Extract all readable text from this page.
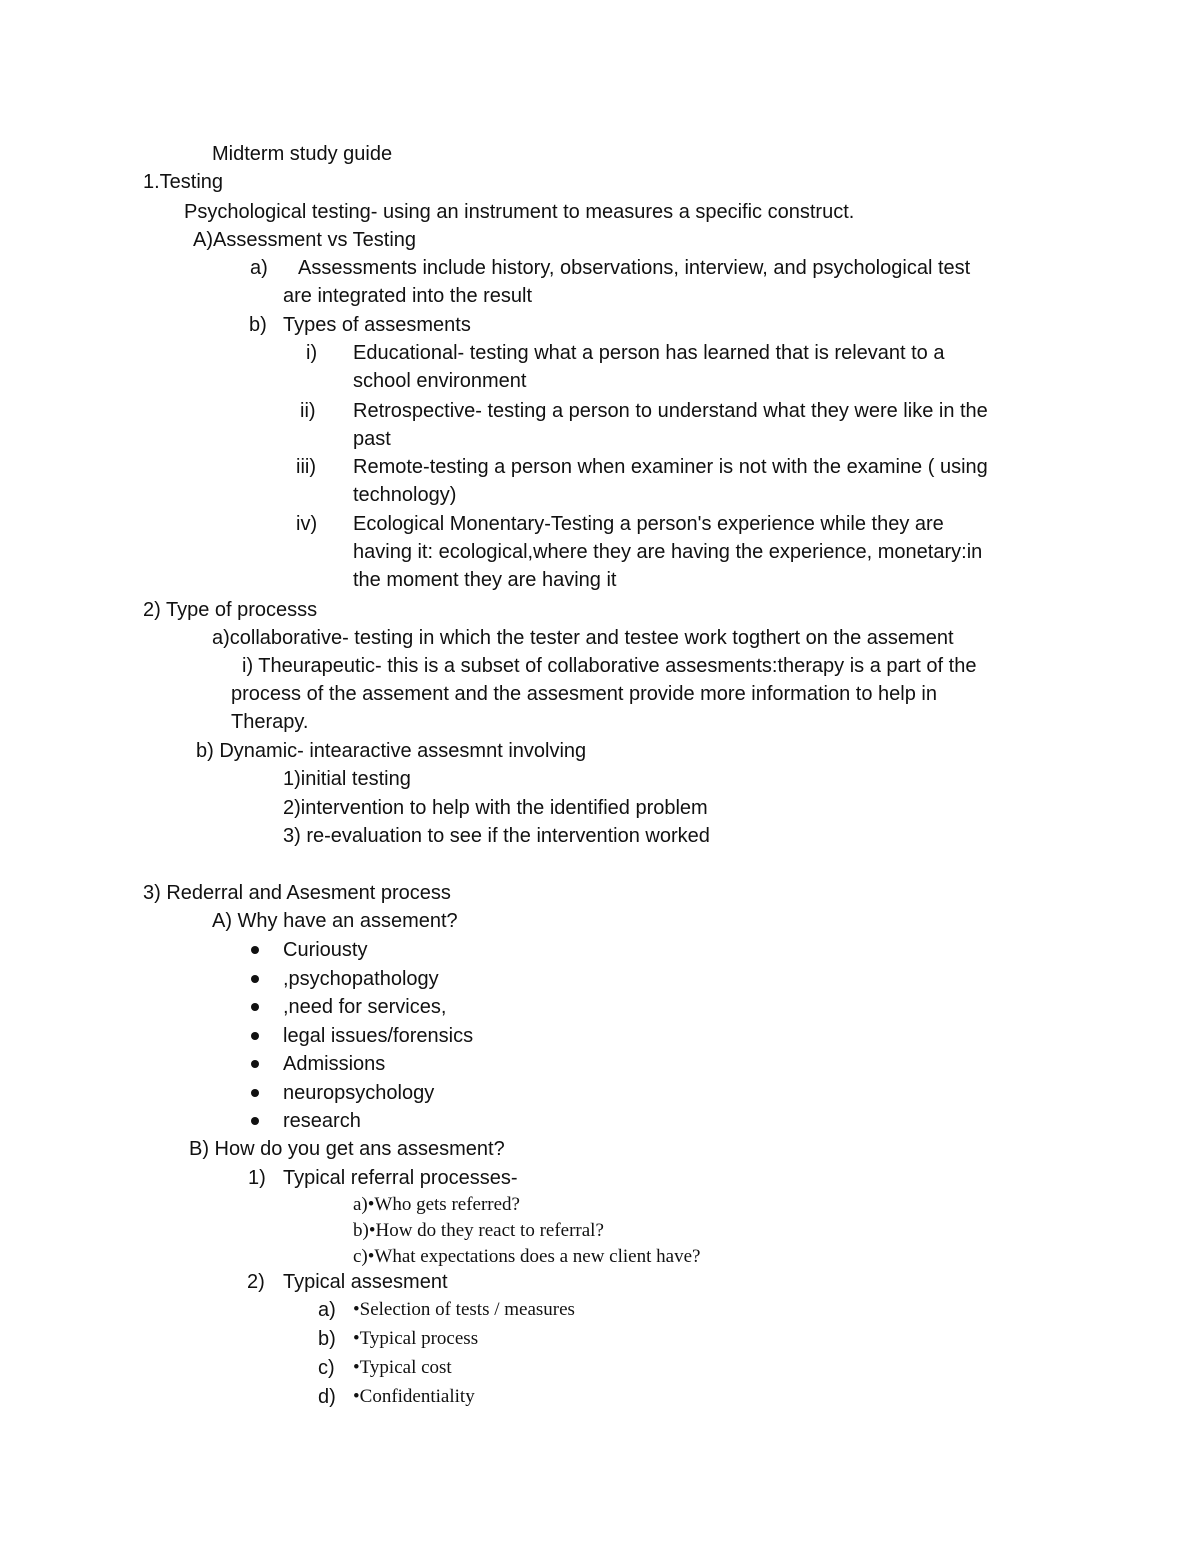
Midterm study guide
1.Testing
Psychological testing- using an instrument to measures a specific construct.
A)Assessment vs Testing
a) Assessments include history, observations, interview, and psychological test
are integrated into the result
b) Types of assesments
i) Educational- testing what a person has learned that is relevant to a
school environment
ii) Retrospective- testing a person to understand what they were like in the
past
iii) Remote-testing a person when examiner is not with the examine ( using
technology)
iv) Ecological Monentary-Testing a person's experience while they are
having it: ecological,where they are having the experience, monetary:in
the moment they are having it
2) Type of processs
a)collaborative- testing in which the tester and testee work togthert on the assement
i) Theurapeutic- this is a subset of collaborative assesments:therapy is a part of the
process of the assement and the assesment provide more information to help in
Therapy.
b) Dynamic- intearactive assesmnt involving
1)initial testing
2)intervention to help with the identified problem
3) re-evaluation to see if the intervention worked
3) Rederral and Asesment process
A) Why have an assement?
Curiousty
,psychopathology
,need for services,
legal issues/forensics
Admissions
neuropsychology
research
B) How do you get ans assesment?
1) Typical referral processes-
a)•Who gets referred?
b)•How do they react to referral?
c)•What expectations does a new client have?
2) Typical assesment
a) •Selection of tests / measures
b) •Typical process
c) •Typical cost
d) •Confidentiality
